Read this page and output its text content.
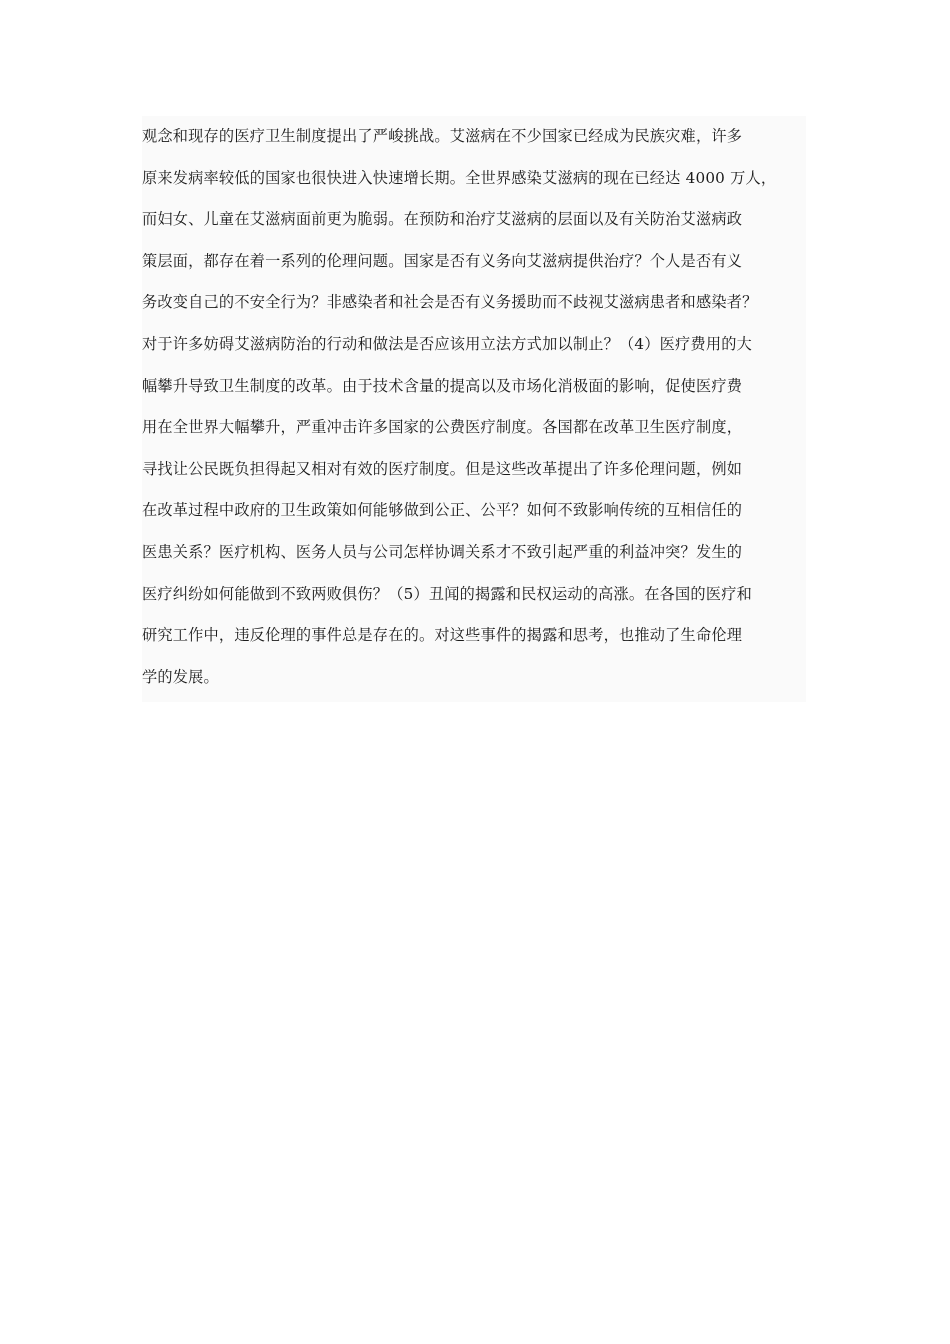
观念和现存的医疗卫生制度提出了严峻挑战。艾滋病在不少国家已经成为民族灾难，许多
原来发病率较低的国家也很快进入快速增长期。全世界感染艾滋病的现在已经达 4000 万人，
而妇女、儿童在艾滋病面前更为脆弱。在预防和治疗艾滋病的层面以及有关防治艾滋病政
策层面，都存在着一系列的伦理问题。国家是否有义务向艾滋病提供治疗？个人是否有义
务改变自己的不安全行为？非感染者和社会是否有义务援助而不歧视艾滋病患者和感染者？
对于许多妨碍艾滋病防治的行动和做法是否应该用立法方式加以制止？（4）医疗费用的大
幅攀升导致卫生制度的改革。由于技术含量的提高以及市场化消极面的影响，促使医疗费
用在全世界大幅攀升，严重冲击许多国家的公费医疗制度。各国都在改革卫生医疗制度，
寻找让公民既负担得起又相对有效的医疗制度。但是这些改革提出了许多伦理问题，例如
在改革过程中政府的卫生政策如何能够做到公正、公平？如何不致影响传统的互相信任的
医患关系？医疗机构、医务人员与公司怎样协调关系才不致引起严重的利益冲突？发生的
医疗纠纷如何能做到不致两败俱伤？（5）丑闻的揭露和民权运动的高涨。在各国的医疗和
研究工作中，违反伦理的事件总是存在的。对这些事件的揭露和思考，也推动了生命伦理
学的发展。
